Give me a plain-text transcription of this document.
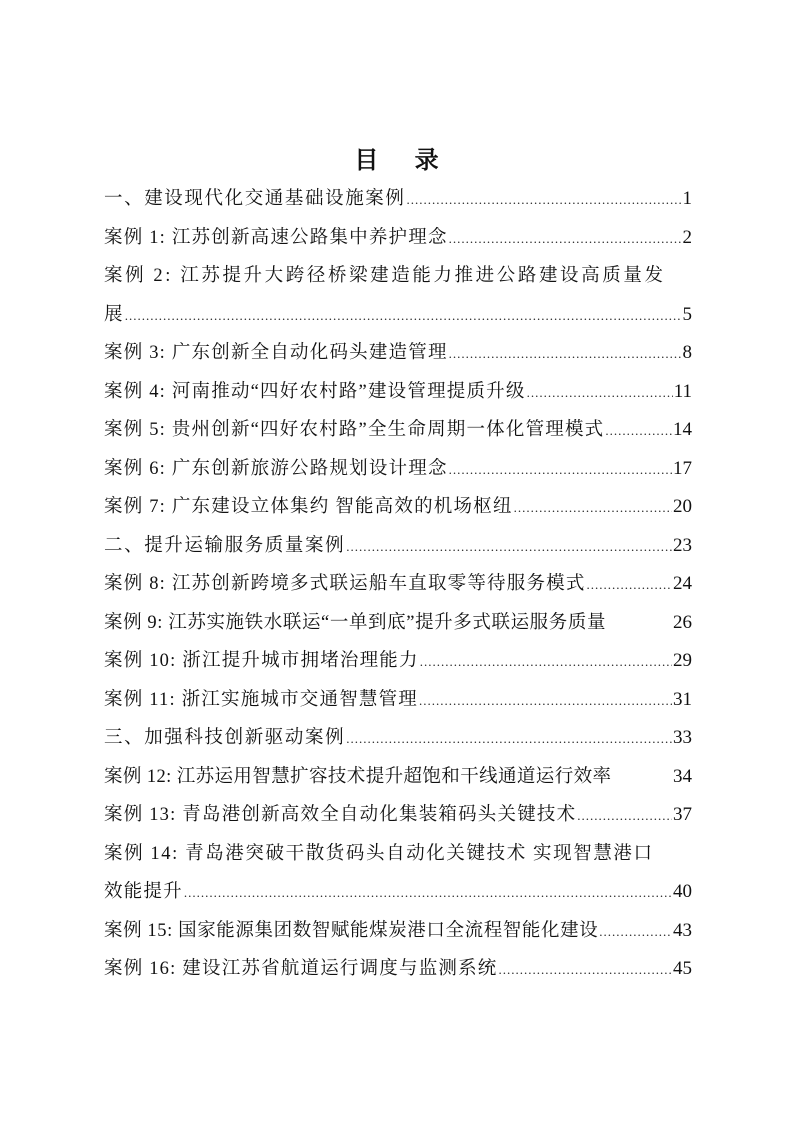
目 录
一、建设现代化交通基础设施案例 .....	1
案例 1: 江苏创新高速公路集中养护理念 .....	2
案例 2: 江苏提升大跨径桥梁建造能力推进公路建设高质量发
展 .....	5
案例 3: 广东创新全自动化码头建造管理 .....	8
案例 4: 河南推动“四好农村路”建设管理提质升级 .....	11
案例 5: 贵州创新“四好农村路”全生命周期一体化管理模式 .....	14
案例 6: 广东创新旅游公路规划设计理念 .....	17
案例 7: 广东建设立体集约 智能高效的机场枢纽 .....	20
二、提升运输服务质量案例 .....	23
案例 8: 江苏创新跨境多式联运船车直取零等待服务模式 .....	24
案例 9: 江苏实施铁水联运“一单到底”提升多式联运服务质量	26
案例 10: 浙江提升城市拥堵治理能力 .....	29
案例 11: 浙江实施城市交通智慧管理 .....	31
三、加强科技创新驱动案例 .....	33
案例 12: 江苏运用智慧扩容技术提升超饱和干线通道运行效率	34
案例 13: 青岛港创新高效全自动化集装箱码头关键技术 .....	37
案例 14: 青岛港突破干散货码头自动化关键技术 实现智慧港口
效能提升 .....	40
案例 15: 国家能源集团数智赋能煤炭港口全流程智能化建设 .....	43
案例 16: 建设江苏省航道运行调度与监测系统 .....	45
